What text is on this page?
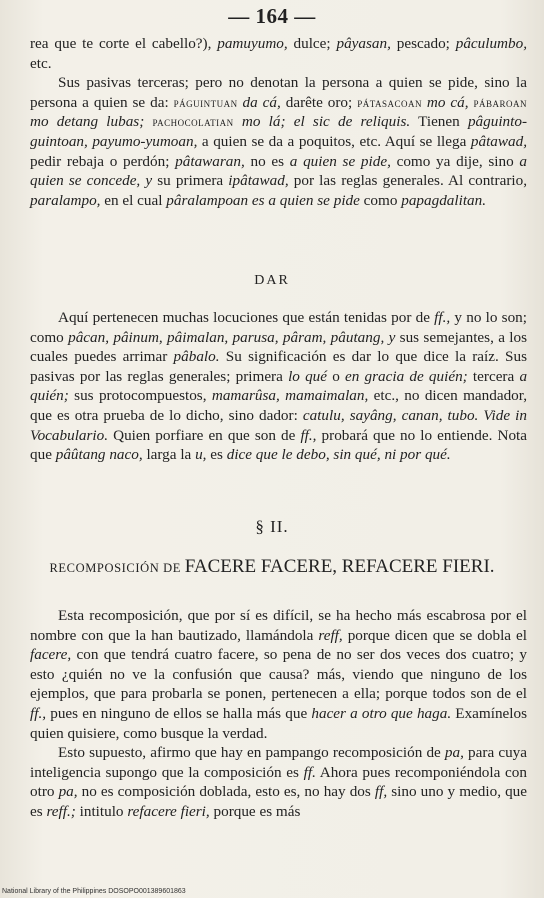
— 164 —

rea que te corte el cabello?), pamuyumo, dulce; pâyasan, pescado; pâculumbo, etc.

Sus pasivas terceras; pero no denotan la persona a quien se pide, sino la persona a quien se da: páguintuan da cá, darête oro; pátasacoan mo cá, pábaroan mo detang lubas; pachocolatian mo lá; el sic de reliquis. Tienen pâguinto-guintoan, payumo-yumoan, a quien se da a poquitos, etc. Aquí se llega pâtawad, pedir rebaja o perdón; pâtawaran, no es a quien se pide, como ya dije, sino a quien se concede, y su primera ipâtawad, por las reglas generales. Al contrario, paralampo, en el cual pâralampoan es a quien se pide como papagdalitan.

DAR

Aquí pertenecen muchas locuciones que están tenidas por de ff., y no lo son; como pâcan, pâinum, pâimalan, parusa, pâram, pâutang, y sus semejantes, a los cuales puedes arrimar pâbalo. Su significación es dar lo que dice la raíz. Sus pasivas por las reglas generales; primera lo qué o en gracia de quién; tercera a quién; sus protocompuestos, mamarûsa, mamaimalan, etc., no dicen mandador, que es otra prueba de lo dicho, sino dador: catulu, sayâng, canan, tubo. Vide in Vocabulario. Quien porfiare en que son de ff., probará que no lo entiende. Nota que pâûtang naco, larga la u, es dice que le debo, sin qué, ni por qué.

§ II.
RECOMPOSICIÓN DE FACERE FACERE, REFACERE FIERI.

Esta recomposición, que por sí es difícil, se ha hecho más escabrosa por el nombre con que la han bautizado, llamándola reff, porque dicen que se dobla el facere, con que tendrá cuatro facere, so pena de no ser dos veces dos cuatro; y esto ¿quién no ve la confusión que causa? más, viendo que ninguno de los ejemplos, que para probarla se ponen, pertenecen a ella; porque todos son de el ff., pues en ninguno de ellos se halla más que hacer a otro que haga. Examínelos quien quisiere, como busque la verdad.

Esto supuesto, afirmo que hay en pampango recomposición de pa, para cuya inteligencia supongo que la composición es ff. Ahora pues recomponiéndola con otro pa, no es composición doblada, esto es, no hay dos ff, sino uno y medio, que es reff.; intitulo refacere fieri, porque es más

National Library of the Philippines DOSOPO001389601863
